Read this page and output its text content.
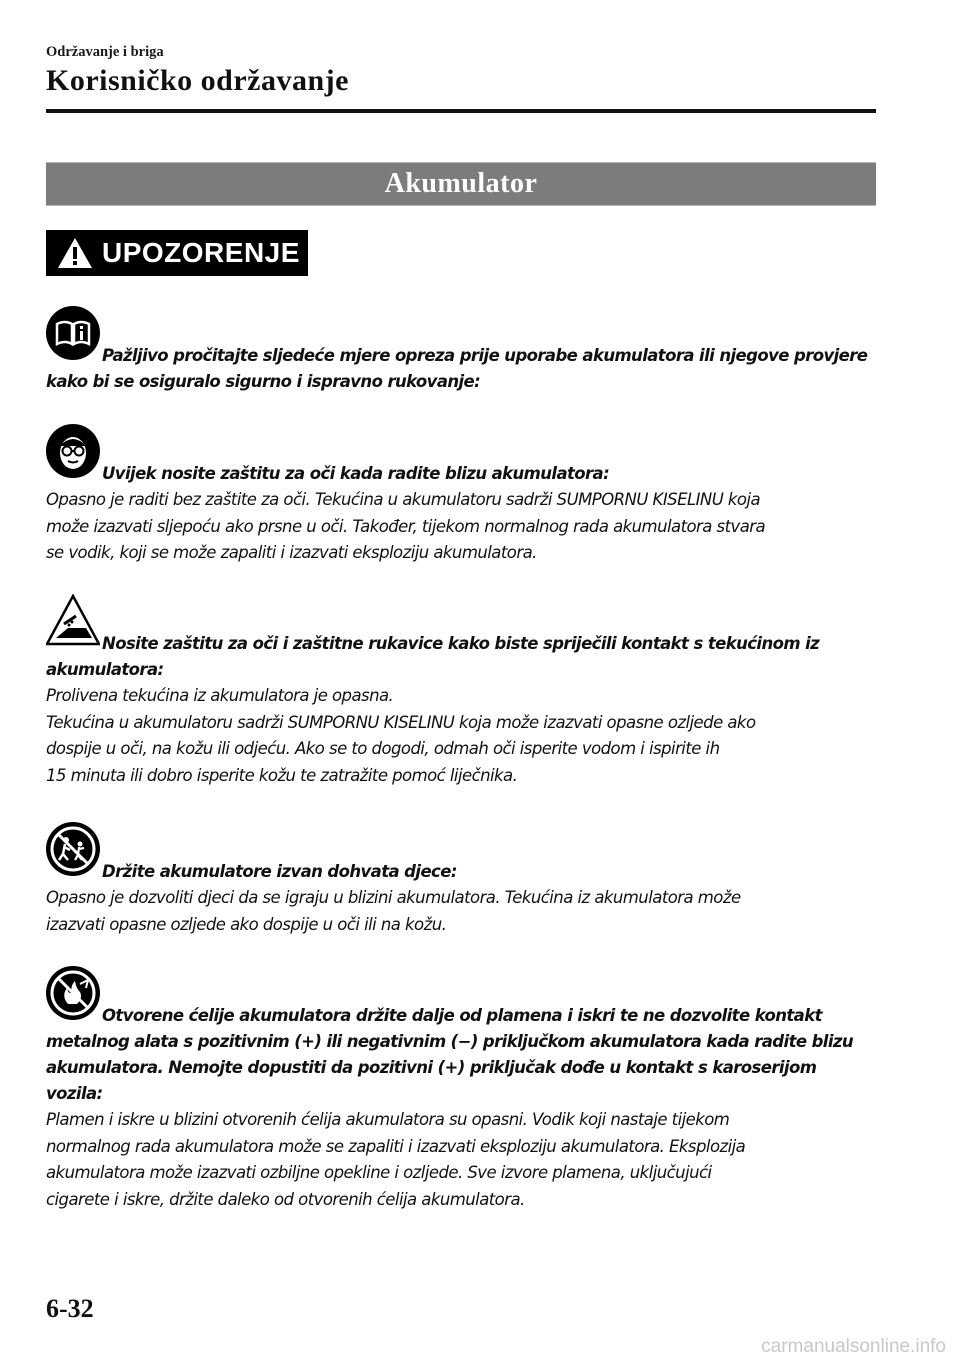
Održavanje i briga
Korisničko održavanje
Akumulator
UPOZORENJE

Pažljivo pročitajte sljedeće mjere opreza prije uporabe akumulatora ili njegove provjere

kako bi se osiguralo sigurno i ispravno rukovanje:

Uvijek nosite zaštitu za oči kada radite blizu akumulatora:

Opasno je raditi bez zaštite za oči. Tekućina u akumulatoru sadrži SUMPORNU KISELINU koja

može izazvati sljepoću ako prsne u oči. Također, tijekom normalnog rada akumulatora stvara

se vodik, koji se može zapaliti i izazvati eksploziju akumulatora.

Nosite zaštitu za oči i zaštitne rukavice kako biste spriječili kontakt s tekućinom iz

akumulatora:

Prolivena tekućina iz akumulatora je opasna.

Tekućina u akumulatoru sadrži SUMPORNU KISELINU koja može izazvati opasne ozljede ako

dospije u oči, na kožu ili odjeću. Ako se to dogodi, odmah oči isperite vodom i ispirite ih

15 minuta ili dobro isperite kožu te zatražite pomoć liječnika.

Držite akumulatore izvan dohvata djece:

Opasno je dozvoliti djeci da se igraju u blizini akumulatora. Tekućina iz akumulatora može

izazvati opasne ozljede ako dospije u oči ili na kožu.

Otvorene ćelije akumulatora držite dalje od plamena i iskri te ne dozvolite kontakt

metalnog alata s pozitivnim (+) ili negativnim (−) priključkom akumulatora kada radite blizu

akumulatora. Nemojte dopustiti da pozitivni (+) priključak dođe u kontakt s karoserijom

vozila:

Plamen i iskre u blizini otvorenih ćelija akumulatora su opasni. Vodik koji nastaje tijekom

normalnog rada akumulatora može se zapaliti i izazvati eksploziju akumulatora. Eksplozija

akumulatora može izazvati ozbiljne opekline i ozljede. Sve izvore plamena, uključujući

cigarete i iskre, držite daleko od otvorenih ćelija akumulatora.

6-32
carmanualsonline.info
